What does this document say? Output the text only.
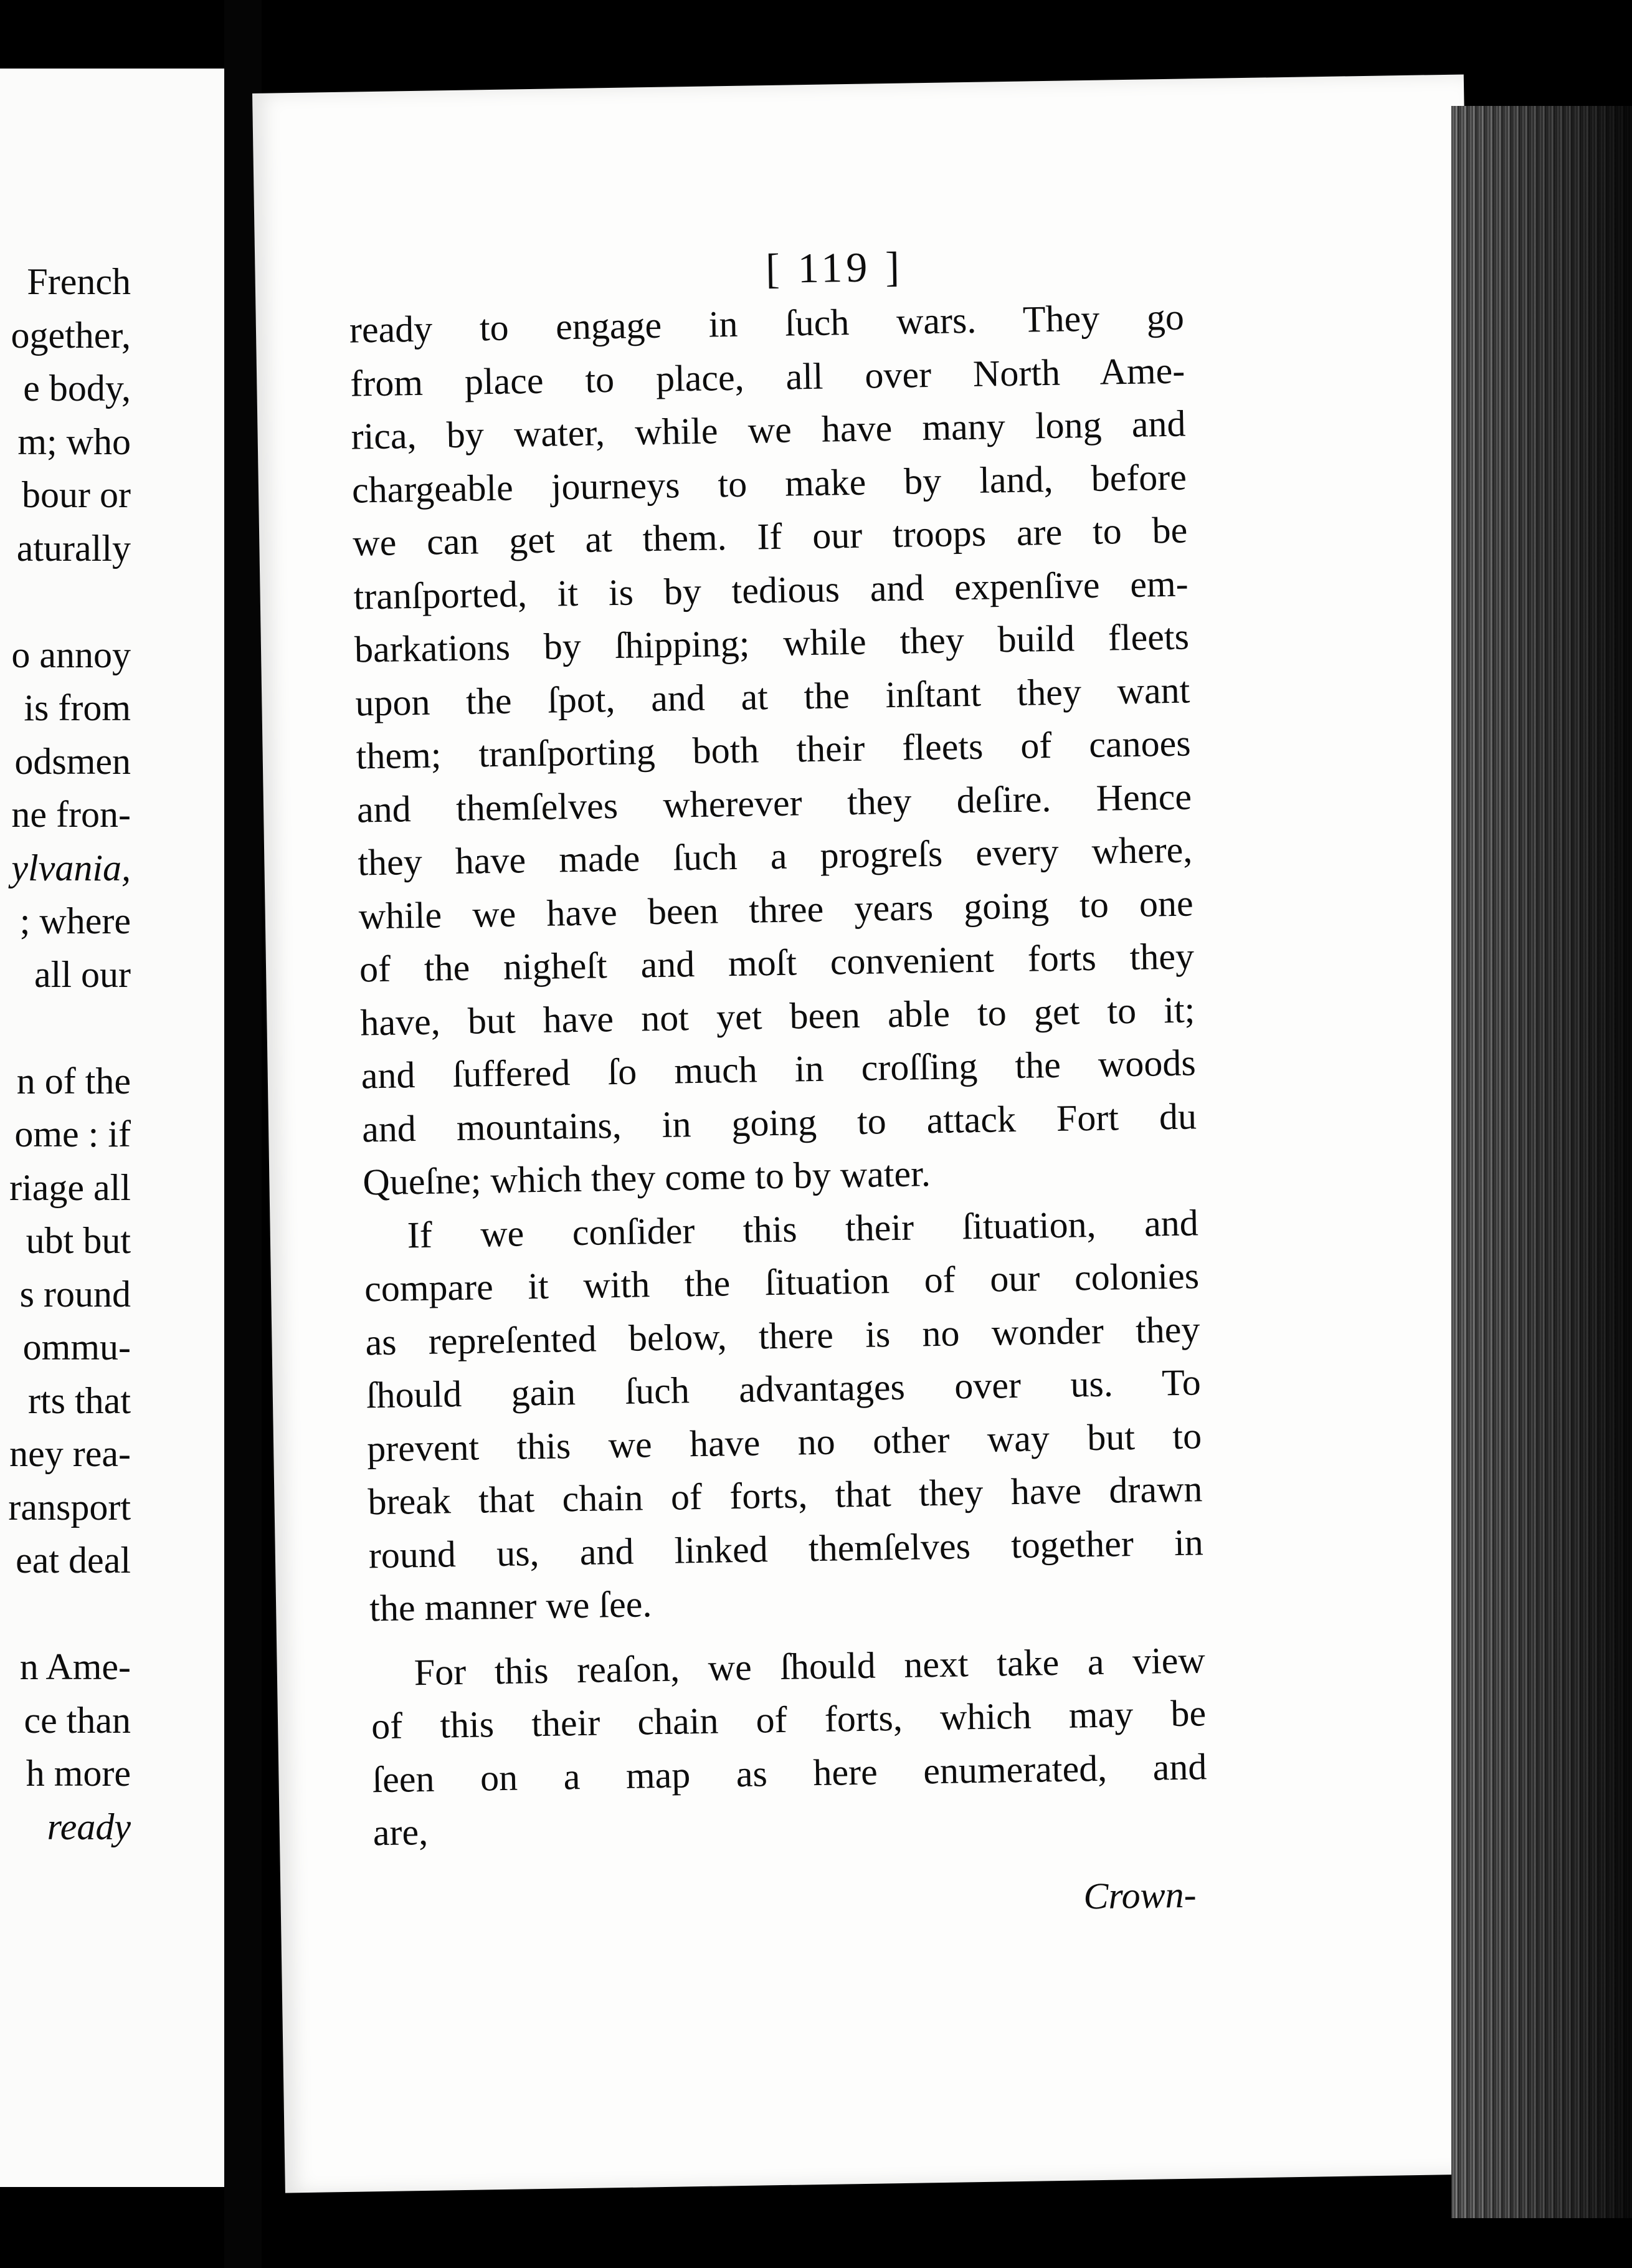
French
ogether,
e body,
m; who
bour or
aturally
o annoy
is from
odsmen
ne fron-
ylvania,
; where
all our
n of the
ome : if
riage all
ubt but
s round
ommu-
rts that
ney rea-
ransport
eat deal
n Ame-
ce than
h more
ready
[ 119 ]
ready to engage in ſuch wars. They go
from place to place, all over North Ame-
rica, by water, while we have many long and
chargeable journeys to make by land, before
we can get at them. If our troops are to be
tranſported, it is by tedious and expenſive em-
barkations by ſhipping; while they build fleets
upon the ſpot, and at the inſtant they want
them; tranſporting both their fleets of canoes
and themſelves wherever they deſire. Hence
they have made ſuch a progreſs every where,
while we have been three years going to one
of the nigheſt and moſt convenient forts they
have, but have not yet been able to get to it;
and ſuffered ſo much in croſſing the woods
and mountains, in going to attack Fort du
Queſne; which they come to by water.
If we conſider this their ſituation, and
compare it with the ſituation of our colonies
as repreſented below, there is no wonder they
ſhould gain ſuch advantages over us. To
prevent this we have no other way but to
break that chain of forts, that they have drawn
round us, and linked themſelves together in
the manner we ſee.
For this reaſon, we ſhould next take a view
of this their chain of forts, which may be
ſeen on a map as here enumerated, and
are,
Crown-
